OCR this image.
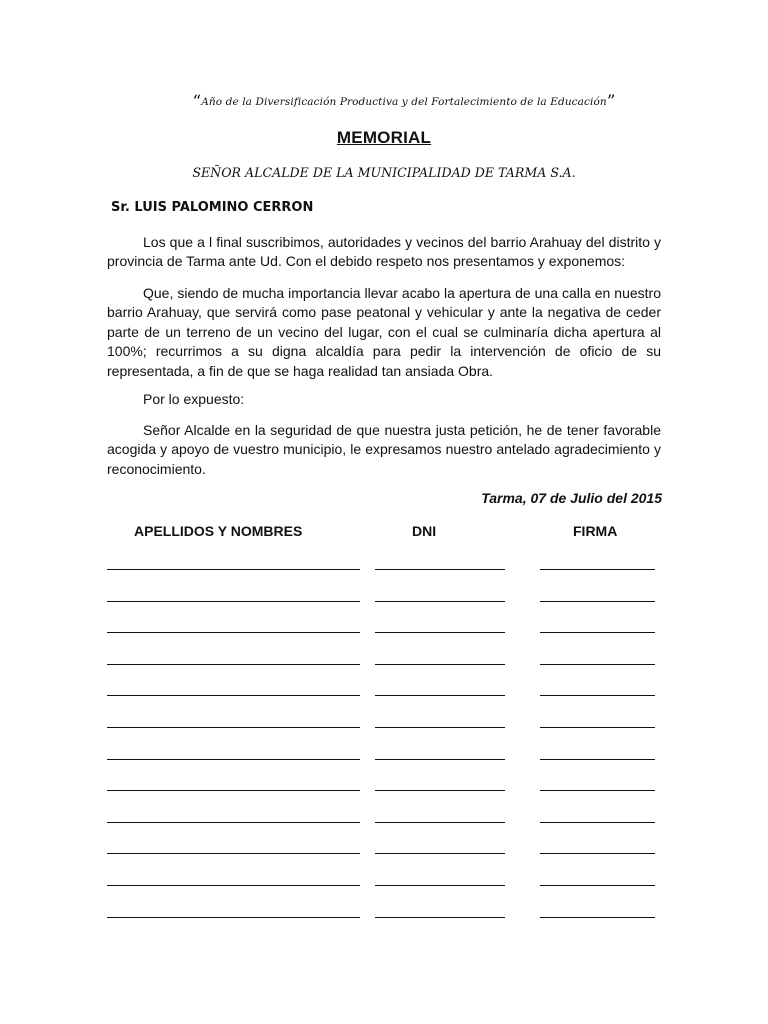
“Año de la Diversificación Productiva y del Fortalecimiento de la Educación”
MEMORIAL
SEÑOR ALCALDE DE LA MUNICIPALIDAD DE TARMA S.A.
Sr. LUIS PALOMINO CERRON

Los que a l final suscribimos, autoridades y vecinos del barrio Arahuay del distrito y provincia de Tarma ante Ud. Con el debido respeto nos presentamos y exponemos:

Que, siendo de mucha importancia llevar acabo la apertura de una calla en nuestro barrio Arahuay, que servirá como pase peatonal y vehicular y ante la negativa de ceder parte de un terreno de un vecino del lugar, con el cual se culminaría dicha apertura al 100%; recurrimos a su digna alcaldía para pedir la intervención de oficio de su representada, a fin de que se haga realidad tan ansiada Obra.

Por lo expuesto:

Señor Alcalde en la seguridad de que nuestra justa petición, he de tener favorable acogida y apoyo de vuestro municipio, le expresamos nuestro antelado agradecimiento y reconocimiento.

Tarma, 07 de Julio del 2015
APELLIDOS Y NOMBRES	DNI	FIRMA
